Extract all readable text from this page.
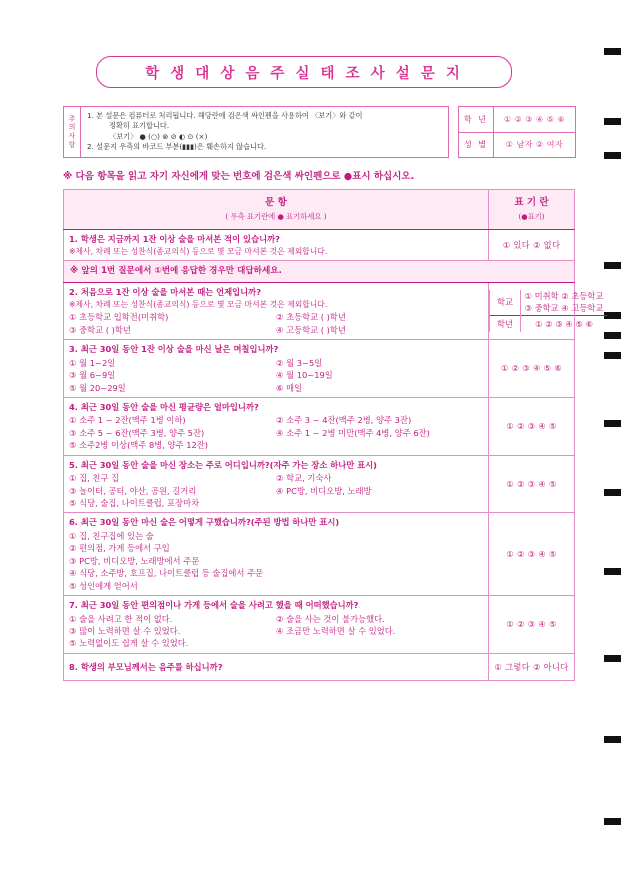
학 생 대 상 음 주 실 태 조 사 설 문 지
주
의
사
항
1. 본 설문은 컴퓨터로 처리됩니다. 해당란에 검은색 싸인펜을 사용하여 〈보기〉와 같이
정확히 표기합니다.
〈보기〉 ● (○) ⊗ ⊘ ◐ ⊙ (×)
2. 설문지 우측의 바코드 부분(▮▮▮)은 훼손하지 않습니다.
학 년	① ② ③ ④ ⑤ ⑥
성 별	① 남자 ② 여자
※ 다음 항목을 읽고 자기 자신에게 맞는 번호에 검은색 싸인펜으로 ●표시 하십시오.
문 항
( 우측 표기란에 ● 표기하세요 )
	표 기 란
(●표기)

1. 학생은 지금까지 1잔 이상 술을 마셔본 적이 있습니까?
※제사, 차례 또는 성찬식(종교의식) 등으로 몇 모금 마셔본 것은 제외합니다.
	① 있다 ② 없다
※ 앞의 1번 질문에서 ①번에 응답한 경우만 대답하세요.

2. 처음으로 1잔 이상 술을 마셔본 때는 언제입니까?
※제사, 차례 또는 성찬식(종교의식) 등으로 몇 모금 마셔본 것은 제외합니다.
① 초등학교 입학전(미취학)	② 초등학교 ( )학년
③ 중학교 ( )학년	④ 고등학교 ( )학년

학교	
① 미취학 ② 초등학교
③ 중학교 ④ 고등학교

학년	① ② ③ ④ ⑤ ⑥

3. 최근 30일 동안 1잔 이상 술을 마신 날은 며칠입니까?
① 월 1~2일	② 월 3~5일
③ 월 6~9일	④ 월 10~19일
⑤ 월 20~29일	⑥ 매일
	① ② ③ ④ ⑤ ⑥

4. 최근 30일 동안 술을 마신 평균량은 얼마입니까?
① 소주 1 ~ 2잔(맥주 1병 이하)	② 소주 3 ~ 4잔(맥주 2병, 양주 3잔)
③ 소주 5 ~ 6잔(맥주 3병, 양주 5잔)	④ 소주 1 ~ 2병 미만(맥주 4병, 양주 6잔)
⑤ 소주2병 이상(맥주 8병, 양주 12잔)
	① ② ③ ④ ⑤

5. 최근 30일 동안 술을 마신 장소는 주로 어디입니까?(자주 가는 장소 하나만 표시)
① 집, 친구 집	② 학교, 기숙사
③ 놀이터, 공터, 야산, 공원, 길거리	④ PC방, 비디오방, 노래방
⑤ 식당, 술집, 나이트클럽, 포장마차
	① ② ③ ④ ⑤

6. 최근 30일 동안 마신 술은 어떻게 구했습니까?(주된 방법 하나만 표시)
① 집, 친구집에 있는 술
② 편의점, 가게 등에서 구입
③ PC방, 비디오방, 노래방에서 주문
④ 식당, 소주방, 호프집, 나이트클럽 등 술집에서 주문
⑤ 성인에게 얻어서
	① ② ③ ④ ⑤

7. 최근 30일 동안 편의점이나 가게 등에서 술을 사려고 했을 때 어떠했습니까?
① 술을 사려고 한 적이 없다.	② 술을 사는 것이 불가능했다.
③ 많이 노력하면 살 수 있었다.	④ 조금만 노력하면 살 수 있었다.
⑤ 노력없이도 쉽게 살 수 있었다.
	① ② ③ ④ ⑤

8. 학생의 부모님께서는 음주를 하십니까?	① 그렇다 ② 아니다
